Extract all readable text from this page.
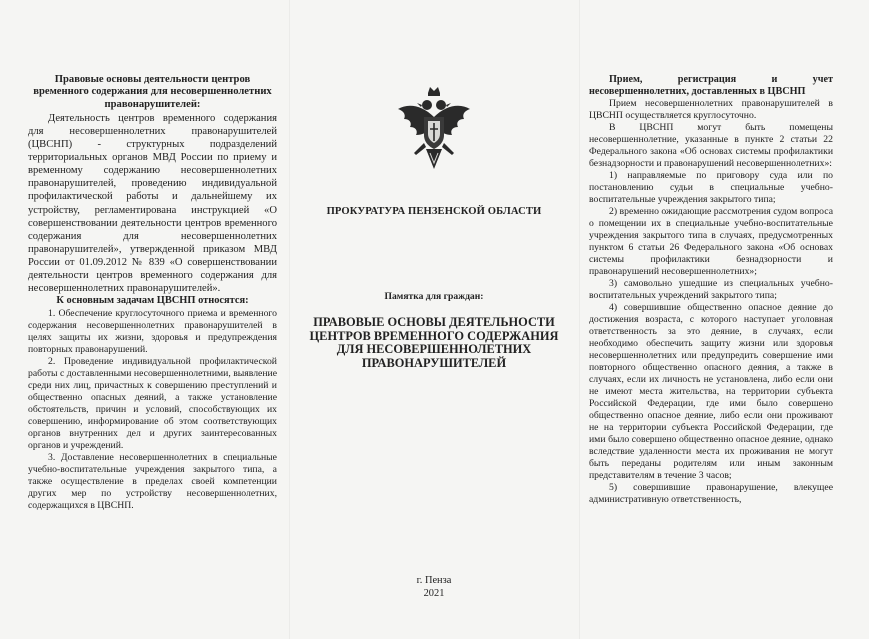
Правовые основы деятельности центров временного содержания для несовершеннолетних правонарушителей:

Деятельность центров временного содержания для несовершеннолетних правонарушителей (ЦВСНП) - структурных подразделений территориальных органов МВД России по приему и временному содержанию несовершеннолетних правонарушителей, проведению индивидуальной профилактической работы и дальнейшему их устройству, регламентирована инструкцией «О совершенствовании деятельности центров временного содержания для несовершеннолетних правонарушителей», утвержденной приказом МВД России от 01.09.2012 № 839 «О совершенствовании деятельности центров временного содержания для несовершеннолетних правонарушителей».

К основным задачам ЦВСНП относятся:

1. Обеспечение круглосуточного приема и временного содержания несовершеннолетних правонарушителей в целях защиты их жизни, здоровья и предупреждения повторных правонарушений.

2. Проведение индивидуальной профилактической работы с доставленными несовершеннолетними, выявление среди них лиц, причастных к совершению преступлений и общественно опасных деяний, а также установление обстоятельств, причин и условий, способствующих их совершению, информирование об этом соответствующих органов внутренних дел и других заинтересованных органов и учреждений.

3. Доставление несовершеннолетних в специальные учебно-воспитательные учреждения закрытого типа, а также осуществление в пределах своей компетенции других мер по устройству несовершеннолетних, содержащихся в ЦВСНП.

ПРОКУРАТУРА ПЕНЗЕНСКОЙ ОБЛАСТИ
Памятка для граждан:
ПРАВОВЫЕ ОСНОВЫ ДЕЯТЕЛЬНОСТИ ЦЕНТРОВ ВРЕМЕННОГО СОДЕРЖАНИЯ ДЛЯ НЕСОВЕРШЕННОЛЕТНИХ ПРАВОНАРУШИТЕЛЕЙ
г. Пенза
2021
Прием, регистрация и учет
несовершеннолетних, доставленных в ЦВСНП

Прием несовершеннолетних правонарушителей в ЦВСНП осуществляется круглосуточно.

В ЦВСНП могут быть помещены несовершеннолетние, указанные в пункте 2 статьи 22 Федерального закона «Об основах системы профилактики безнадзорности и правонарушений несовершеннолетних»:

1) направляемые по приговору суда или по постановлению судьи в специальные учебно-воспитательные учреждения закрытого типа;

2) временно ожидающие рассмотрения судом вопроса о помещении их в специальные учебно-воспитательные учреждения закрытого типа в случаях, предусмотренных пунктом 6 статьи 26 Федерального закона «Об основах системы профилактики безнадзорности и правонарушений несовершеннолетних»;

3) самовольно ушедшие из специальных учебно-воспитательных учреждений закрытого типа;

4) совершившие общественно опасное деяние до достижения возраста, с которого наступает уголовная ответственность за это деяние, в случаях, если необходимо обеспечить защиту жизни или здоровья несовершеннолетних или предупредить совершение ими повторного общественно опасного деяния, а также в случаях, если их личность не установлена, либо если они не имеют места жительства, на территории субъекта Российской Федерации, где ими было совершено общественно опасное деяние, либо если они проживают не на территории субъекта Российской Федерации, где ими было совершено общественно опасное деяние, однако вследствие удаленности места их проживания не могут быть переданы родителям или иным законным представителям в течение 3 часов;

5) совершившие правонарушение, влекущее административную ответственность,
